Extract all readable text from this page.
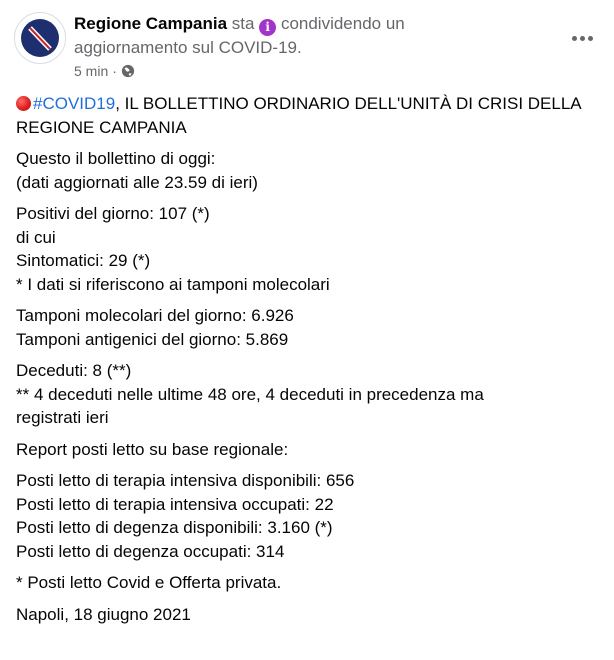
Regione Campania sta i condividendo un
aggiornamento sul COVID-19.
5 min ·
#COVID19, IL BOLLETTINO ORDINARIO DELL'UNITÀ DI CRISI DELLA
REGIONE CAMPANIA
Questo il bollettino di oggi:
(dati aggiornati alle 23.59 di ieri)
Positivi del giorno: 107 (*)
di cui
Sintomatici: 29 (*)
* I dati si riferiscono ai tamponi molecolari
Tamponi molecolari del giorno: 6.926
Tamponi antigenici del giorno: 5.869
Deceduti: 8 (**)
** 4 deceduti nelle ultime 48 ore, 4 deceduti in precedenza ma
registrati ieri
Report posti letto su base regionale:
Posti letto di terapia intensiva disponibili: 656
Posti letto di terapia intensiva occupati: 22
Posti letto di degenza disponibili: 3.160 (*)
Posti letto di degenza occupati: 314
* Posti letto Covid e Offerta privata.
Napoli, 18 giugno 2021
